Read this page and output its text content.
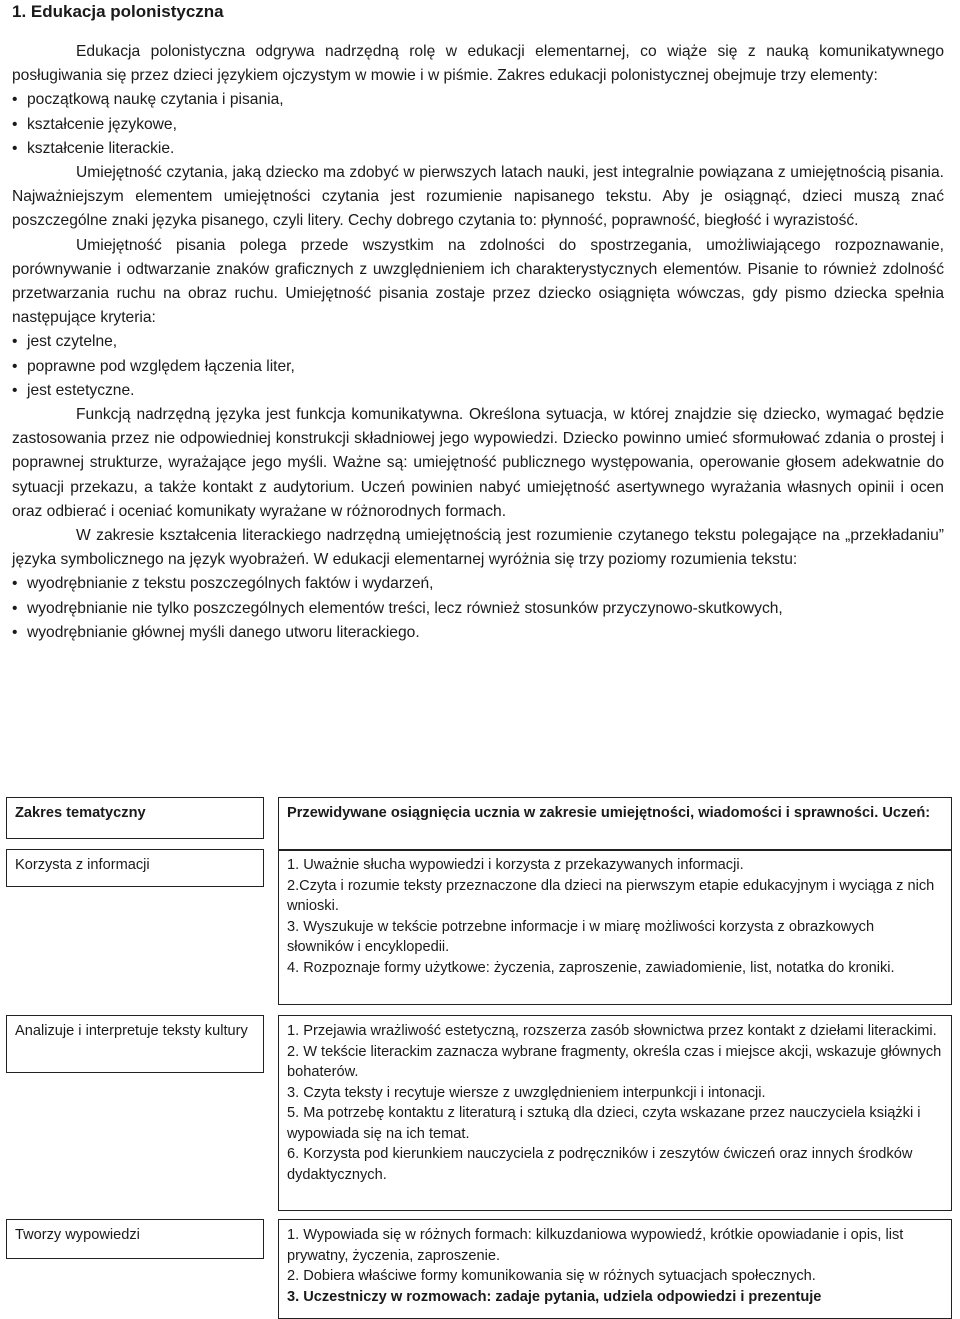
1. Edukacja polonistyczna

Edukacja polonistyczna odgrywa nadrzędną rolę w edukacji elementarnej, co wiąże się z nauką komunikatywnego posługiwania się przez dzieci językiem ojczystym w mowie i w piśmie. Zakres edukacji polonistycznej obejmuje trzy elementy:

• początkową naukę czytania i pisania,
• kształcenie językowe,
• kształcenie literackie.

Umiejętność czytania, jaką dziecko ma zdobyć w pierwszych latach nauki, jest integralnie powiązana z umiejętnością pisania. Najważniejszym elementem umiejętności czytania jest rozumienie napisanego tekstu. Aby je osiągnąć, dzieci muszą znać poszczególne znaki języka pisanego, czyli litery. Cechy dobrego czytania to: płynność, poprawność, biegłość i wyrazistość.

Umiejętność pisania polega przede wszystkim na zdolności do spostrzegania, umożliwiającego rozpoznawanie, porównywanie i odtwarzanie znaków graficznych z uwzględnieniem ich charakterystycznych elementów. Pisanie to również zdolność przetwarzania ruchu na obraz ruchu. Umiejętność pisania zostaje przez dziecko osiągnięta wówczas, gdy pismo dziecka spełnia następujące kryteria:

• jest czytelne,
• poprawne pod względem łączenia liter,
• jest estetyczne.

Funkcją nadrzędną języka jest funkcja komunikatywna. Określona sytuacja, w której znajdzie się dziecko, wymagać będzie zastosowania przez nie odpowiedniej konstrukcji składniowej jego wypowiedzi. Dziecko powinno umieć sformułować zdania o prostej i poprawnej strukturze, wyrażające jego myśli. Ważne są: umiejętność publicznego występowania, operowanie głosem adekwatnie do sytuacji przekazu, a także kontakt z audytorium. Uczeń powinien nabyć umiejętność asertywnego wyrażania własnych opinii i ocen oraz odbierać i oceniać komunikaty wyrażane w różnorodnych formach.

W zakresie kształcenia literackiego nadrzędną umiejętnością jest rozumienie czytanego tekstu polegające na „przekładaniu” języka symbolicznego na język wyobrażeń. W edukacji elementarnej wyróżnia się trzy poziomy rozumienia tekstu:

• wyodrębnianie z tekstu poszczególnych faktów i wydarzeń,
• wyodrębnianie nie tylko poszczególnych elementów treści, lecz również stosunków przyczynowo-skutkowych,
• wyodrębnianie głównej myśli danego utworu literackiego.
Zakres tematyczny	Przewidywane osiągnięcia ucznia w zakresie umiejętności, wiadomości i sprawności. Uczeń:
Korzysta z informacji	1. Uważnie słucha wypowiedzi i korzysta z przekazywanych informacji.

2.Czyta i rozumie teksty przeznaczone dla dzieci na pierwszym etapie edukacyjnym i wyciąga z nich wnioski.

3. Wyszukuje w tekście potrzebne informacje i w miarę możliwości korzysta z obrazkowych słowników i encyklopedii.

4. Rozpoznaje formy użytkowe: życzenia, zaproszenie, zawiadomienie, list, notatka do kroniki.

Analizuje i interpretuje teksty kultury	1. Przejawia wrażliwość estetyczną, rozszerza zasób słownictwa przez kontakt z dziełami literackimi.

2. W tekście literackim zaznacza wybrane fragmenty, określa czas i miejsce akcji, wskazuje głównych bohaterów.

3. Czyta teksty i recytuje wiersze z uwzględnieniem interpunkcji i intonacji.

5. Ma potrzebę kontaktu z literaturą i sztuką dla dzieci, czyta wskazane przez nauczyciela książki i wypowiada się na ich temat.

6. Korzysta pod kierunkiem nauczyciela z podręczników i zeszytów ćwiczeń oraz innych środków dydaktycznych.

Tworzy wypowiedzi	1. Wypowiada się w różnych formach: kilkuzdaniowa wypowiedź, krótkie opowiadanie i opis, list prywatny, życzenia, zaproszenie.

2. Dobiera właściwe formy komunikowania się w różnych sytuacjach społecznych.

3. Uczestniczy w rozmowach: zadaje pytania, udziela odpowiedzi i prezentuje
